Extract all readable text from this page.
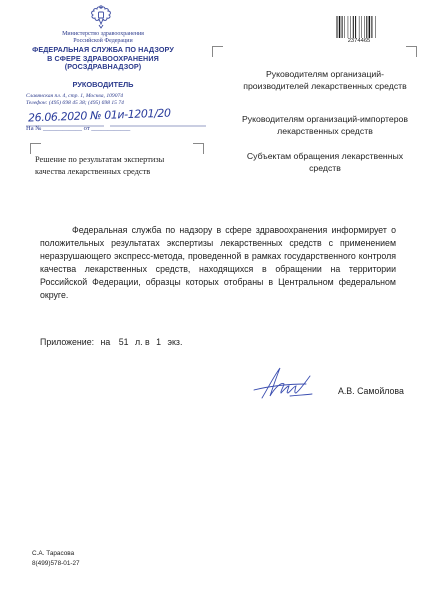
Министерство здравоохранения
Российской Федерации
ФЕДЕРАЛЬНАЯ СЛУЖБА ПО НАДЗОРУ
В СФЕРЕ ЗДРАВООХРАНЕНИЯ
(РОСЗДРАВНАДЗОР)
РУКОВОДИТЕЛЬ
Славянская пл. 4, стр. 1, Москва, 109074
Телефон: (495) 698 45 38; (495) 698 15 74
26.06.2020 № 01и-1201/20
На № ____________ от ____________
Решение по результатам экспертизы качества лекарственных средств
2374465
Руководителям организаций-производителей лекарственных средств
Руководителям организаций-импортеров лекарственных средств
Субъектам обращения лекарственных средств
Федеральная служба по надзору в сфере здравоохранения информирует о положительных результатах экспертизы лекарственных средств с применением неразрушающего экспресс-метода, проведенной в рамках государственного контроля качества лекарственных средств, находящихся в обращении на территории Российской Федерации, образцы которых отобраны в Центральном федеральном округе.
Приложение: на 51 л. в 1 экз.
А.В. Самойлова
С.А. Тарасова
8(499)578-01-27
